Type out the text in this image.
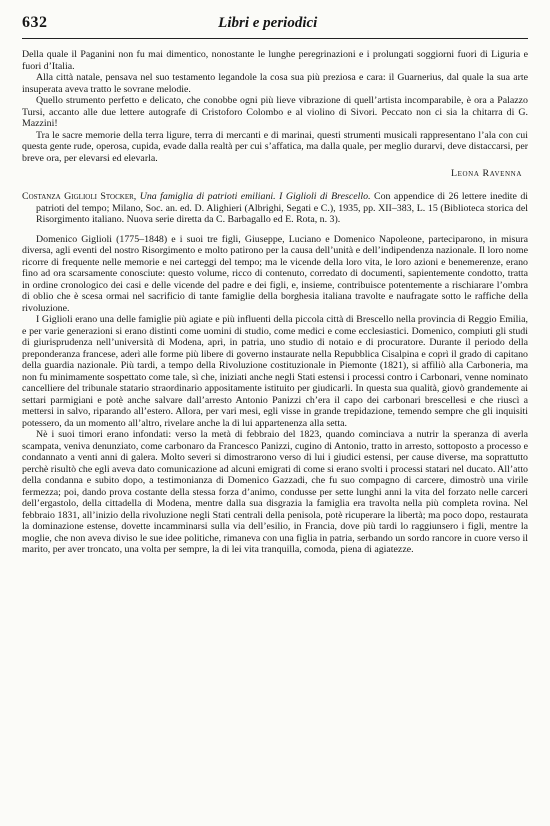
632	Libri e periodici

Della quale il Paganini non fu mai dimentico, nonostante le lunghe peregrinazioni e i prolungati soggiorni fuori di Liguria e fuori d’Italia.

Alla città natale, pensava nel suo testamento legandole la cosa sua più preziosa e cara: il Guarnerius, dal quale la sua arte insuperata aveva tratto le sovrane melodie.

Quello strumento perfetto e delicato, che conobbe ogni più lieve vibrazione di quell’artista incomparabile, è ora a Palazzo Tursi, accanto alle due lettere autografe di Cristoforo Colombo e al violino di Sivori. Peccato non ci sia la chitarra di G. Mazzini!

Tra le sacre memorie della terra ligure, terra di mercanti e di marinai, questi strumenti musicali rappresentano l’ala con cui questa gente rude, operosa, cupida, evade dalla realtà per cui s’affatica, ma dalla quale, per meglio durarvi, deve distaccarsi, per breve ora, per elevarsi ed elevarla.

Leona Ravenna
Costanza Giglioli Stocker, Una famiglia di patrioti emiliani. I Giglioli di Brescello. Con appendice di 26 lettere inedite di patrioti del tempo; Milano, Soc. an. ed. D. Alighieri (Albrighi, Segati e C.), 1935, pp. XII–383, L. 15 (Biblioteca storica del Risorgimento italiano. Nuova serie diretta da C. Barbagallo ed E. Rota, n. 3).

Domenico Giglioli (1775–1848) e i suoi tre figli, Giuseppe, Luciano e Domenico Napoleone, parteciparono, in misura diversa, agli eventi del nostro Risorgimento e molto patirono per la causa dell’unità e dell’indipendenza nazionale. Il loro nome ricorre di frequente nelle memorie e nei carteggi del tempo; ma le vicende della loro vita, le loro azioni e benemerenze, erano fino ad ora scarsamente conosciute: questo volume, ricco di contenuto, corredato di documenti, sapientemente condotto, tratta in ordine cronologico dei casi e delle vicende del padre e dei figli, e, insieme, contribuisce potentemente a rischiarare l’ombra di oblio che è scesa ormai nel sacrificio di tante famiglie della borghesia italiana travolte e naufragate sotto le raffiche della rivoluzione.

I Giglioli erano una delle famiglie più agiate e più influenti della piccola città di Brescello nella provincia di Reggio Emilia, e per varie generazioni si erano distinti come uomini di studio, come medici e come ecclesiastici. Domenico, compiuti gli studi di giurisprudenza nell’università di Modena, aprì, in patria, uno studio di notaio e di procuratore. Durante il periodo della preponderanza francese, aderì alle forme più libere di governo instaurate nella Repubblica Cisalpina e coprì il grado di capitano della guardia nazionale. Più tardi, a tempo della Rivoluzione costituzionale in Piemonte (1821), si affiliò alla Carboneria, ma non fu minimamente sospettato come tale, sì che, iniziati anche negli Stati estensi i processi contro i Carbonari, venne nominato cancelliere del tribunale statario straordinario appositamente istituito per giudicarli. In questa sua qualità, giovò grandemente ai settari parmigiani e potè anche salvare dall’arresto Antonio Panizzi ch’era il capo dei carbonari brescellesi e che riuscì a mettersi in salvo, riparando all’estero. Allora, per vari mesi, egli visse in grande trepidazione, temendo sempre che gli inquisiti potessero, da un momento all’altro, rivelare anche la di lui appartenenza alla setta.

Nè i suoi timori erano infondati: verso la metà di febbraio del 1823, quando cominciava a nutrir la speranza di averla scampata, veniva denunziato, come carbonaro da Francesco Panizzi, cugino di Antonio, tratto in arresto, sottoposto a processo e condannato a venti anni di galera. Molto severi si dimostrarono verso di lui i giudici estensi, per cause diverse, ma soprattutto perchè risultò che egli aveva dato comunicazione ad alcuni emigrati di come si erano svolti i processi statari nel ducato. All’atto della condanna e subito dopo, a testimonianza di Domenico Gazzadi, che fu suo compagno di carcere, dimostrò una virile fermezza; poi, dando prova costante della stessa forza d’animo, condusse per sette lunghi anni la vita del forzato nelle carceri dell’ergastolo, della cittadella di Modena, mentre dalla sua disgrazia la famiglia era travolta nella più completa rovina. Nel febbraio 1831, all’inizio della rivoluzione negli Stati centrali della penisola, potè ricuperare la libertà; ma poco dopo, restaurata la dominazione estense, dovette incamminarsi sulla via dell’esilio, in Francia, dove più tardi lo raggiunsero i figli, mentre la moglie, che non aveva diviso le sue idee politiche, rimaneva con una figlia in patria, serbando un sordo rancore in cuore verso il marito, per aver troncato, una volta per sempre, la di lei vita tranquilla, comoda, piena di agiatezze.
